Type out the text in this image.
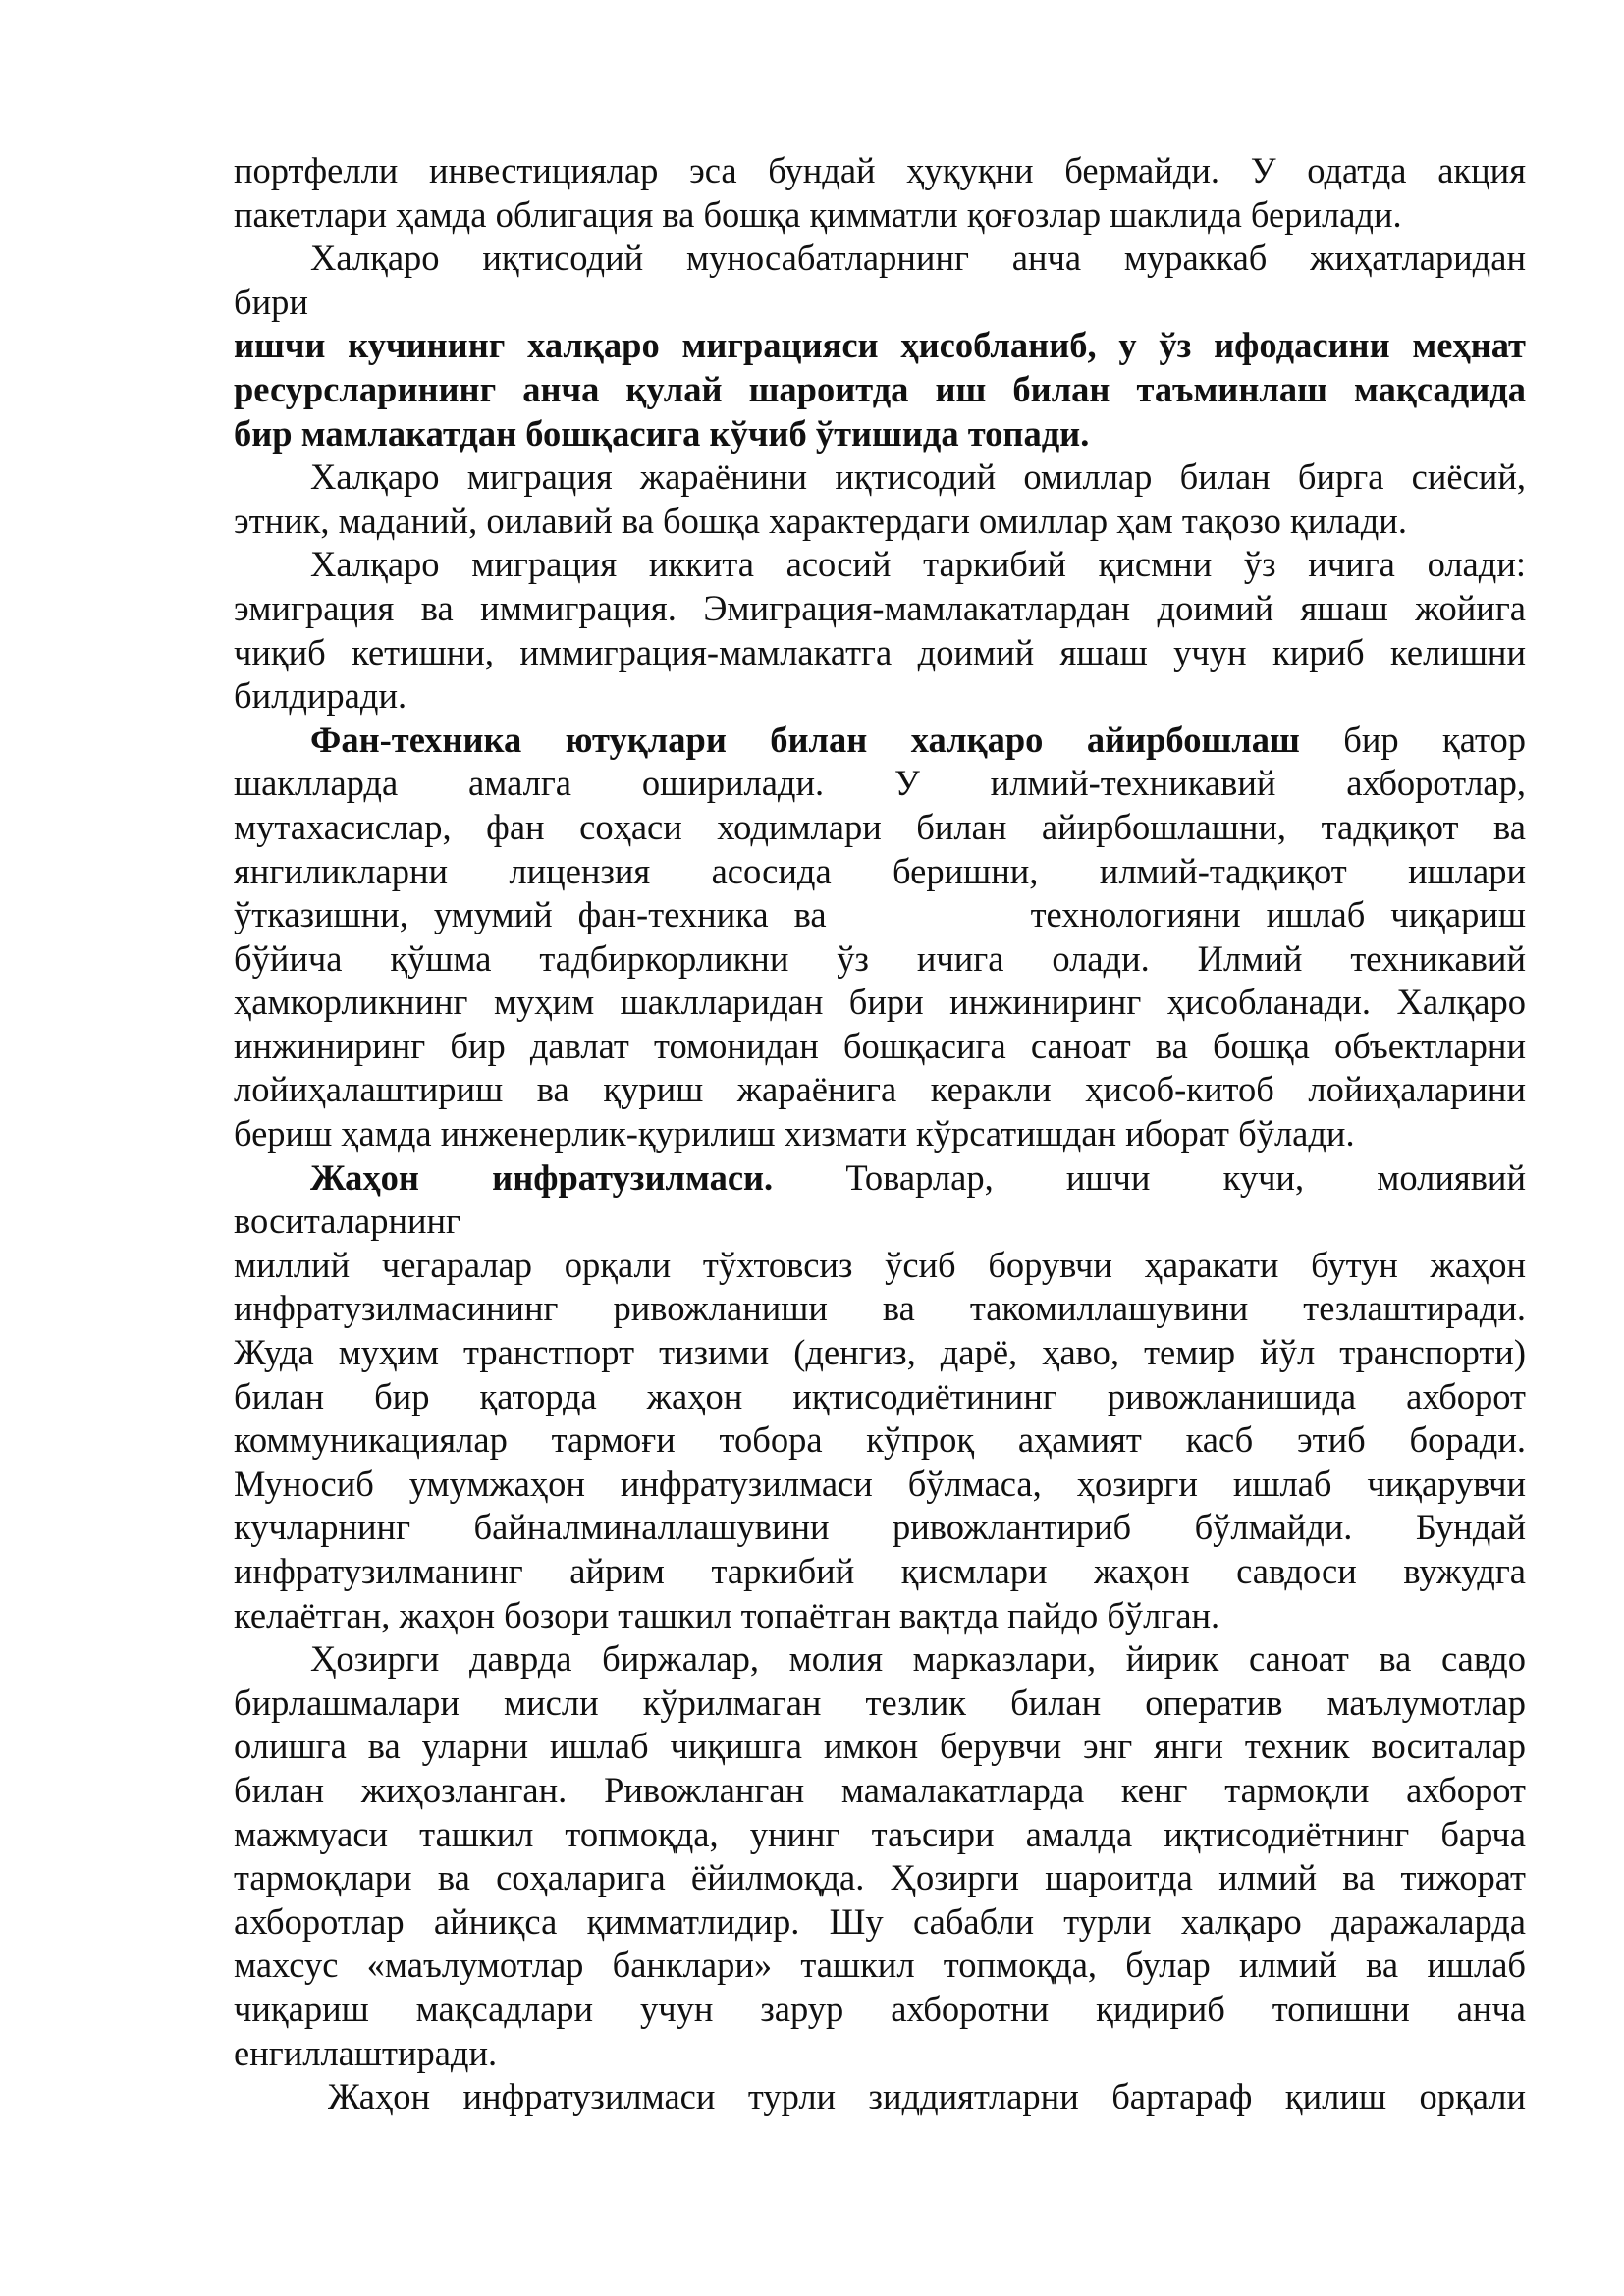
портфелли инвестициялар эса бундай ҳуқуқни бермайди. У одатда акция

пакетлари ҳамда облигация ва бошқа қимматли қоғозлар шаклида берилади.

Халқаро иқтисодий муносабатларнинг анча мураккаб жиҳатларидан

бири

ишчи кучининг халқаро миграцияси ҳисобланиб, у ўз ифодасини меҳнат

ресурсларининг анча қулай шароитда иш билан таъминлаш мақсадида

бир мамлакатдан бошқасига кўчиб ўтишида топади.

Халқаро миграция жараёнини иқтисодий омиллар билан бирга сиёсий,

этник, маданий, оилавий ва бошқа характердаги омиллар ҳам тақозо қилади.

Халқаро миграция иккита асосий таркибий қисмни ўз ичига олади:

эмиграция ва иммиграция. Эмиграция-мамлакатлардан доимий яшаш жойига

чиқиб кетишни, иммиграция-мамлакатга доимий яшаш учун кириб келишни

билдиради.

Фан-техника ютуқлари билан халқаро айирбошлаш бир қатор

шаклларда амалга оширилади. У илмий-техникавий ахборотлар,

мутахасислар, фан соҳаси ходимлари билан айирбошлашни, тадқиқот ва

янгиликларни лицензия асосида беришни, илмий-тадқиқот ишлари

ўтказишни, умумий фан-техника ва        технологияни ишлаб чиқариш

бўйича қўшма тадбиркорликни ўз ичига олади. Илмий техникавий

ҳамкорликнинг муҳим шаклларидан бири инжиниринг ҳисобланади. Халқаро

инжиниринг бир давлат томонидан бошқасига саноат ва бошқа объектларни

лойиҳалаштириш ва қуриш жараёнига керакли ҳисоб-китоб лойиҳаларини

бериш ҳамда инженерлик-қурилиш хизмати кўрсатишдан иборат бўлади.

Жаҳон инфратузилмаси. Товарлар, ишчи кучи, молиявий

воситаларнинг

миллий чегаралар орқали тўхтовсиз ўсиб борувчи ҳаракати бутун жаҳон

инфратузилмасининг ривожланиши ва такомиллашувини тезлаштиради.

Жуда муҳим транстпорт тизими (денгиз, дарё, ҳаво, темир йўл транспорти)

билан бир қаторда жаҳон иқтисодиётининг ривожланишида ахборот

коммуникациялар тармоғи тобора кўпроқ аҳамият касб этиб боради.

Муносиб умумжаҳон инфратузилмаси бўлмаса, ҳозирги ишлаб чиқарувчи

кучларнинг байналминаллашувини ривожлантириб бўлмайди. Бундай

инфратузилманинг айрим таркибий қисмлари жаҳон савдоси вужудга

келаётган, жаҳон бозори ташкил топаётган вақтда пайдо бўлган.

Ҳозирги даврда биржалар, молия марказлари, йирик саноат ва савдо

бирлашмалари мисли кўрилмаган тезлик билан оператив маълумотлар

олишга ва уларни ишлаб чиқишга имкон берувчи энг янги техник воситалар

билан жиҳозланган. Ривожланган мамалакатларда кенг тармоқли ахборот

мажмуаси ташкил топмоқда, унинг таъсири амалда иқтисодиётнинг барча

тармоқлари ва соҳаларига ёйилмоқда. Ҳозирги шароитда илмий ва тижорат

ахборотлар айниқса қимматлидир. Шу сабабли турли халқаро даражаларда

махсус «маълумотлар банклари» ташкил топмоқда, булар илмий ва ишлаб

чиқариш мақсадлари учун зарур ахборотни қидириб топишни анча

енгиллаштиради.

Жаҳон инфратузилмаси турли зиддиятларни бартараф қилиш орқали
